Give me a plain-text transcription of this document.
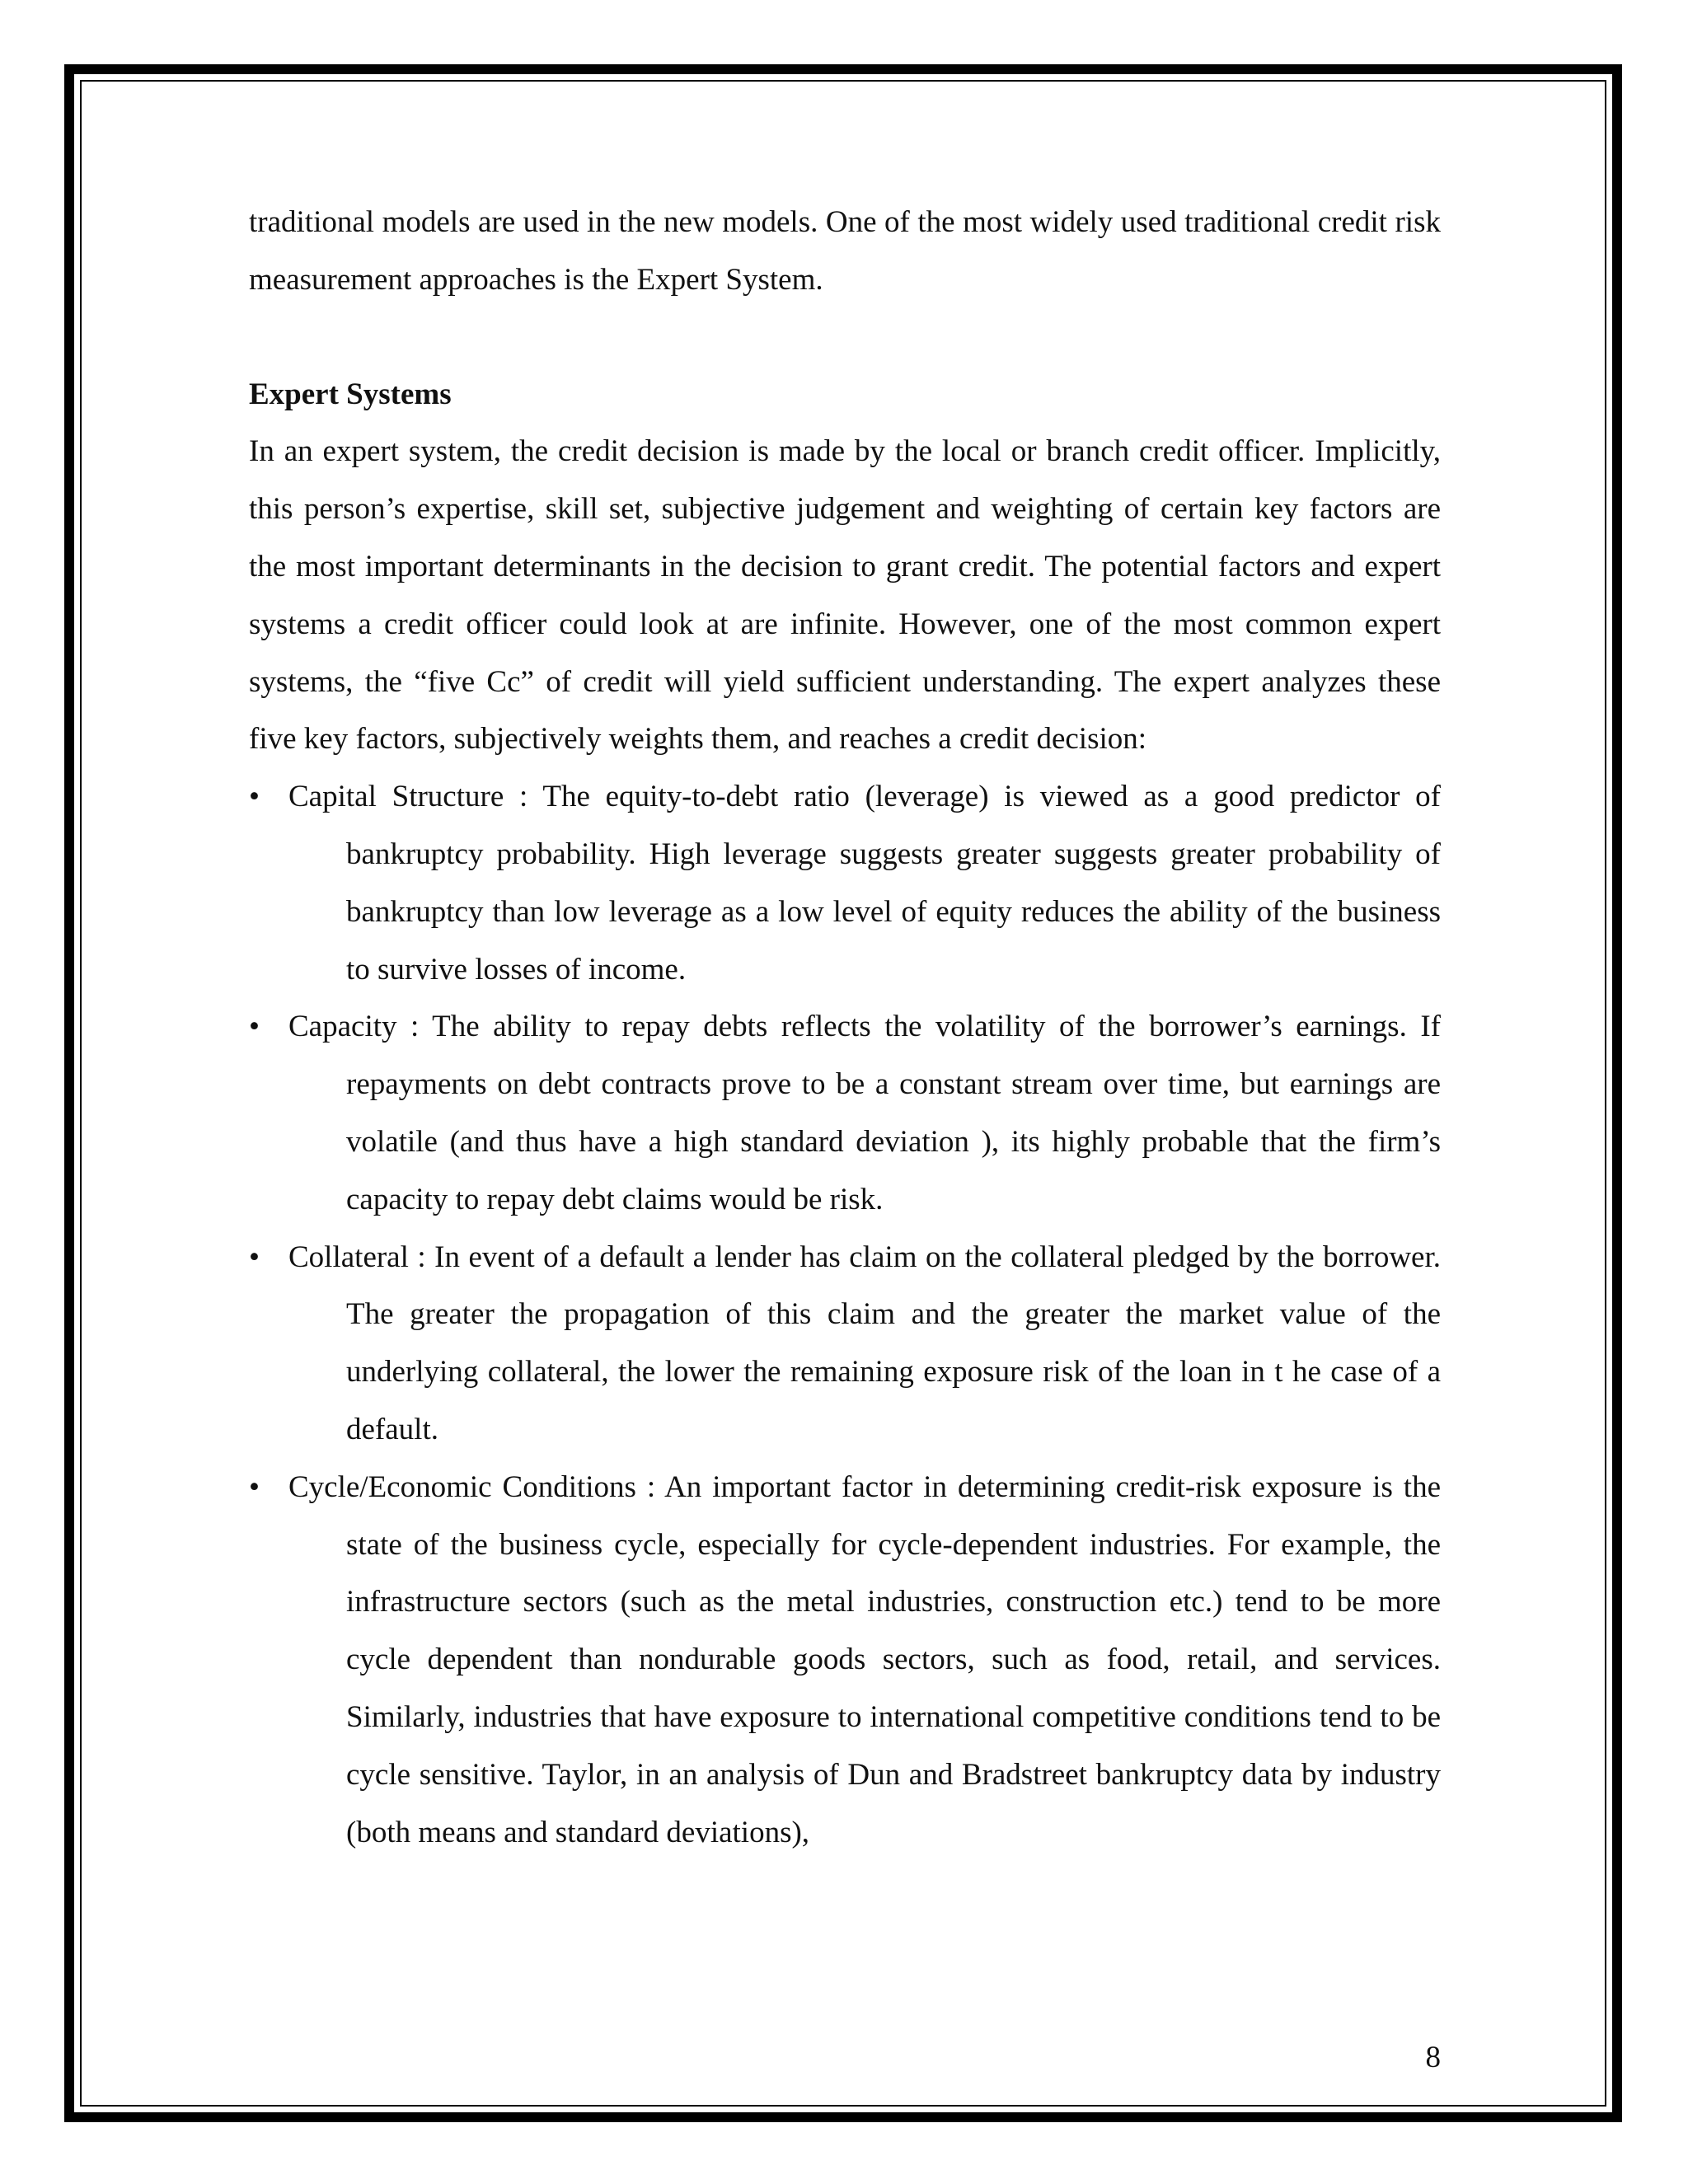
traditional models are used in the new models. One of the most widely used traditional credit risk measurement approaches is the Expert System.

Expert Systems

In an expert system, the credit decision is made by the local or branch credit officer. Implicitly, this person’s expertise, skill set, subjective judgement and weighting of certain key factors are the most important determinants in the decision to grant credit. The potential factors and expert systems a credit officer could look at are infinite. However, one of the most common expert systems, the “five Cc” of credit will yield sufficient understanding. The expert analyzes these five key factors, subjectively weights them, and reaches a credit decision:

• Capital Structure : The equity-to-debt ratio (leverage) is viewed as a good predictor of bankruptcy probability. High leverage suggests greater suggests greater probability of bankruptcy than low leverage as a low level of equity reduces the ability of the business to survive losses of income.
• Capacity : The ability to repay debts reflects the volatility of the borrower’s earnings. If repayments on debt contracts prove to be a constant stream over time, but earnings are volatile (and thus have a high standard deviation ), its highly probable that the firm’s capacity to repay debt claims would be risk.
• Collateral : In event of a default a lender has claim on the collateral pledged by the borrower. The greater the propagation of this claim and the greater the market value of the underlying collateral, the lower the remaining exposure risk of the loan in t he case of a default.
• Cycle/Economic Conditions : An important factor in determining credit-risk exposure is the state of the business cycle, especially for cycle-dependent industries. For example, the infrastructure sectors (such as the metal industries, construction etc.) tend to be more cycle dependent than nondurable goods sectors, such as food, retail, and services. Similarly, industries that have exposure to international competitive conditions tend to be cycle sensitive. Taylor, in an analysis of Dun and Bradstreet bankruptcy data by industry (both means and standard deviations),
8
